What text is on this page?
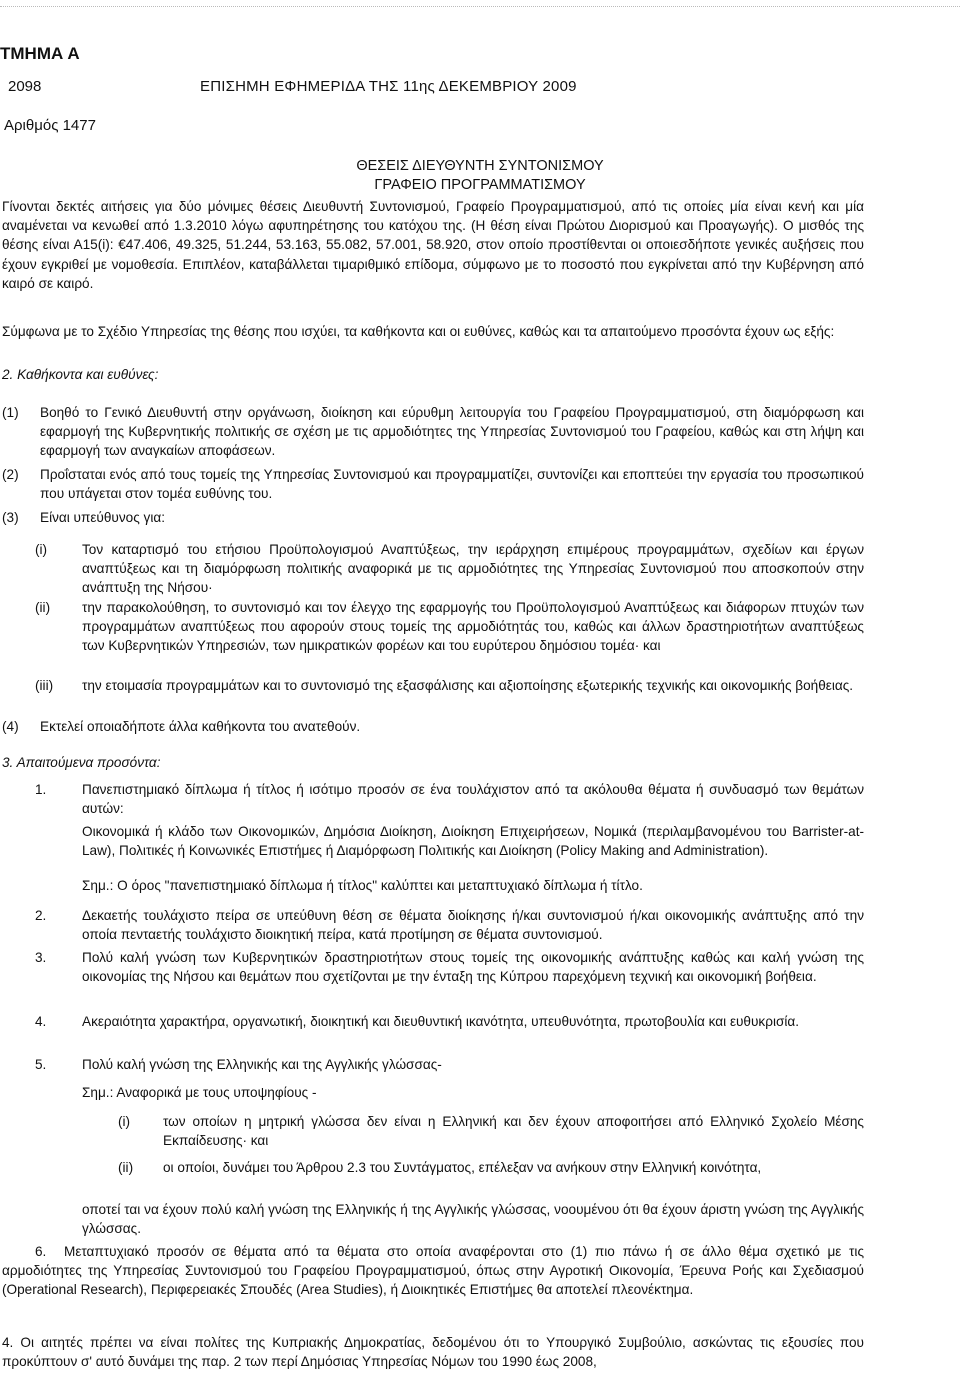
ΤΜΗΜΑ Α
2098	ΕΠΙΣΗΜΗ ΕΦΗΜΕΡΙΔΑ ΤΗΣ 11ης ΔΕΚΕΜΒΡΙΟΥ 2009
Αριθμός 1477
ΘΕΣΕΙΣ ΔΙΕΥΘΥΝΤΗ ΣΥΝΤΟΝΙΣΜΟΥ
ΓΡΑΦΕΙΟ ΠΡΟΓΡΑΜΜΑΤΙΣΜΟΥ
Γίνονται δεκτές αιτήσεις για δύο μόνιμες θέσεις Διευθυντή Συντονισμού, Γραφείο Προγραμματισμού, από τις οποίες μία είναι κενή και μία αναμένεται να κενωθεί από 1.3.2010 λόγω αφυπηρέτησης του κατόχου της. (Η θέση είναι Πρώτου Διορισμού και Προαγωγής). Ο μισθός της θέσης είναι Α15(i): €47.406, 49.325, 51.244, 53.163, 55.082, 57.001, 58.920, στον οποίο προστίθενται οι οποιεσδήποτε γενικές αυξήσεις που έχουν εγκριθεί με νομοθεσία. Επιπλέον, καταβάλλεται τιμαριθμικό επίδομα, σύμφωνο με το ποσοστό που εγκρίνεται από την Κυβέρνηση από καιρό σε καιρό.
Σύμφωνα με το Σχέδιο Υπηρεσίας της θέσης που ισχύει, τα καθήκοντα και οι ευθύνες, καθώς και τα απαιτούμενο προσόντα έχουν ως εξής:
2. Καθήκοντα και ευθύνες:
(1) Βοηθό το Γενικό Διευθυντή στην οργάνωση, διοίκηση και εύρυθμη λειτουργία του Γραφείου Προγραμματισμού, στη διαμόρφωση και εφαρμογή της Κυβερνητικής πολιτικής σε σχέση με τις αρμοδιότητες της Υπηρεσίας Συντονισμού του Γραφείου, καθώς και στη λήψη και εφαρμογή των αναγκαίων αποφάσεων.
(2) Προΐσταται ενός από τους τομείς της Υπηρεσίας Συντονισμού και προγραμματίζει, συντονίζει και εποπτεύει την εργασία του προσωπικού που υπάγεται στον τομέα ευθύνης του.
(3) Είναι υπεύθυνος για:
(i)	Τον καταρτισμό του ετήσιου Προϋπολογισμού Αναπτύξεως, την ιεράρχηση επιμέρους προγραμμάτων, σχεδίων και έργων αναπτύξεως και τη διαμόρφωση πολιτικής αναφορικά με τις αρμοδιότητες της Υπηρεσίας Συντονισμού που αποσκοπούν στην ανάπτυξη της Νήσου·
(ii) την παρακολούθηση, το συντονισμό και τον έλεγχο της εφαρμογής του Προϋπολογισμού Αναπτύξεως και διάφορων πτυχών των προγραμμάτων αναπτύξεως που αφορούν στους τομείς της αρμοδιότητάς του, καθώς και άλλων δραστηριοτήτων αναπτύξεως των Κυβερνητικών Υπηρεσιών, των ημικρατικών φορέων και του ευρύτερου δημόσιου τομέα· και
(iii) την ετοιμασία προγραμμάτων και το συντονισμό της εξασφάλισης και αξιοποίησης εξωτερικής τεχνικής και οικονομικής βοήθειας.
(4) Εκτελεί οποιαδήποτε άλλα καθήκοντα του ανατεθούν.
3. Απαιτούμενα προσόντα:
1.	Πανεπιστημιακό δίπλωμα ή τίτλος ή ισότιμο προσόν σε ένα τουλάχιστον από τα ακόλουθα θέματα ή συνδυασμό των θεμάτων αυτών:
Οικονομικά ή κλάδο των Οικονομικών, Δημόσια Διοίκηση, Διοίκηση Επιχειρήσεων, Νομικά (περιλαμβανομένου του Barrister-at-Law), Πολιτικές ή Κοινωνικές Επιστήμες ή Διαμόρφωση Πολιτικής και Διοίκηση (Policy Making and Administration).
Σημ.: Ο όρος "πανεπιστημιακό δίπλωμα ή τίτλος" καλύπτει και μεταπτυχιακό δίπλωμα ή τίτλο.
2.	Δεκαετής τουλάχιστο πείρα σε υπεύθυνη θέση σε θέματα διοίκησης ή/και συντονισμού ή/και οικονομικής ανάπτυξης από την οποία πενταετής τουλάχιστο διοικητική πείρα, κατά προτίμηση σε θέματα συντονισμού.
3.	Πολύ καλή γνώση των Κυβερνητικών δραστηριοτήτων στους τομείς της οικονομικής ανάπτυξης καθώς και καλή γνώση της οικονομίας της Νήσου και θεμάτων που σχετίζονται με την ένταξη της Κύπρου παρεχόμενη τεχνική και οικονομική βοήθεια.
4.	Ακεραιότητα χαρακτήρα, οργανωτική, διοικητική και διευθυντική ικανότητα, υπευθυνότητα, πρωτοβουλία και ευθυκρισία.
5.	Πολύ καλή γνώση της Ελληνικής και της Αγγλικής γλώσσας-
Σημ.: Αναφορικά με τους υποψηφίους -
(i) των οποίων η μητρική γλώσσα δεν είναι η Ελληνική και δεν έχουν αποφοιτήσει από Ελληνικό Σχολείο Μέσης Εκπαίδευσης· και
(ii) οι οποίοι, δυνάμει του Άρθρου 2.3 του Συντάγματος, επέλεξαν να ανήκουν στην Ελληνική κοινότητα,
οποτεί ται να έχουν πολύ καλή γνώση της Ελληνικής ή της Αγγλικής γλώσσας, νοουμένου ότι θα έχουν άριστη γνώση της Αγγλικής γλώσσας.
6.	Μεταπτυχιακό προσόν σε θέματα από τα θέματα στο οποία αναφέρονται στο (1) πιο πάνω ή σε άλλο θέμα σχετικό με τις αρμοδιότητες της Υπηρεσίας Συντονισμού του Γραφείου Προγραμματισμού, όπως στην Αγροτική Οικονομία, Έρευνα Ροής και Σχεδιασμού (Operational Research), Περιφερειακές Σπουδές (Area Studies), ή Διοικητικές Επιστήμες θα αποτελεί πλεονέκτημα.
4. Οι αιτητές πρέπει να είναι πολίτες της Κυπριακής Δημοκρατίας, δεδομένου ότι το Υπουργικό Συμβούλιο, ασκώντας τις εξουσίες που προκύπτουν σ' αυτό δυνάμει της παρ. 2 των περί Δημόσιας Υπηρεσίας Νόμων του 1990 έως 2008,
